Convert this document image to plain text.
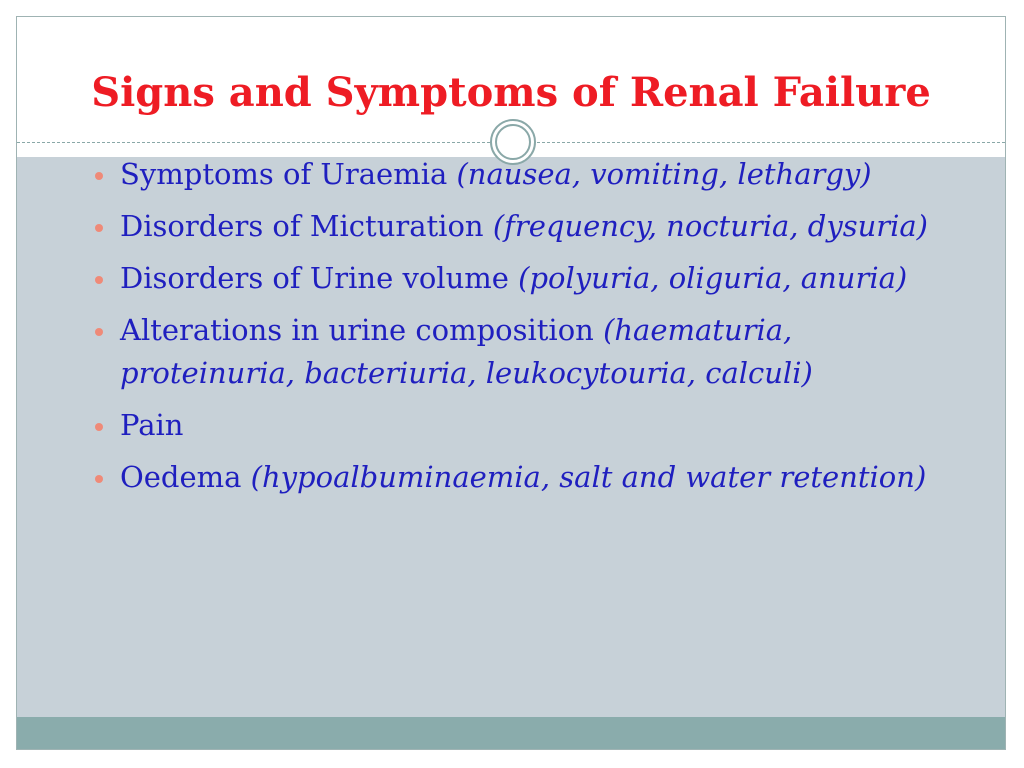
Signs and Symptoms of Renal Failure
Symptoms of Uraemia (nausea, vomiting, lethargy)
Disorders of Micturation (frequency, nocturia, dysuria)
Disorders of Urine volume (polyuria, oliguria, anuria)
Alterations in urine composition (haematuria, proteinuria, bacteriuria, leukocytouria, calculi)
Pain
Oedema (hypoalbuminaemia, salt and water retention)
